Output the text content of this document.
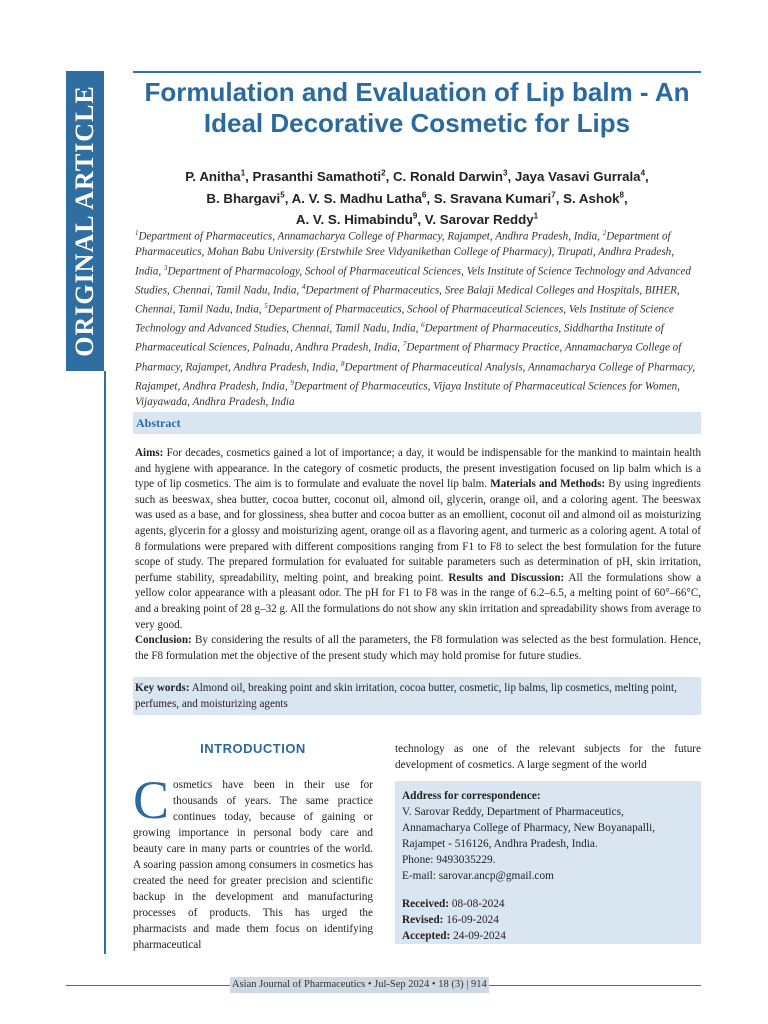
ORIGINAL ARTICLE	Formulation and Evaluation of Lip balm - An Ideal Decorative Cosmetic for Lips
P. Anitha$^1$, Prasanthi Samathoti$^2$, C. Ronald Darwin$^3$, Jaya Vasavi Gurrala$^4$,
B. Bhargavi$^5$, A. V. S. Madhu Latha$^6$, S. Sravana Kumari$^7$, S. Ashok$^8$,
A. V. S. Himabindu$^9$, V. Sarovar Reddy$^1$
$^1$Department of Pharmaceutics, Annamacharya College of Pharmacy, Rajampet, Andhra Pradesh, India, $^2$Department of Pharmaceutics, Mohan Babu University (Erstwhile Sree Vidyanikethan College of Pharmacy), Tirupati, Andhra Pradesh, India, $^3$Department of Pharmacology, School of Pharmaceutical Sciences, Vels Institute of Science Technology and Advanced Studies, Chennai, Tamil Nadu, India, $^4$Department of Pharmaceutics, Sree Balaji Medical Colleges and Hospitals, BIHER, Chennai, Tamil Nadu, India, $^5$Department of Pharmaceutics, School of Pharmaceutical Sciences, Vels Institute of Science Technology and Advanced Studies, Chennai, Tamil Nadu, India, $^6$Department of Pharmaceutics, Siddhartha Institute of Pharmaceutical Sciences, Palnadu, Andhra Pradesh, India, $^7$Department of Pharmacy Practice, Annamacharya College of Pharmacy, Rajampet, Andhra Pradesh, India, $^8$Department of Pharmaceutical Analysis, Annamacharya College of Pharmacy, Rajampet, Andhra Pradesh, India, $^9$Department of Pharmaceutics, Vijaya Institute of Pharmaceutical Sciences for Women, Vijayawada, Andhra Pradesh, India
Abstract
Aims: For decades, cosmetics gained a lot of importance; a day, it would be indispensable for the mankind to maintain health and hygiene with appearance. In the category of cosmetic products, the present investigation focused on lip balm which is a type of lip cosmetics. The aim is to formulate and evaluate the novel lip balm. Materials and Methods: By using ingredients such as beeswax, shea butter, cocoa butter, coconut oil, almond oil, glycerin, orange oil, and a coloring agent. The beeswax was used as a base, and for glossiness, shea butter and cocoa butter as an emollient, coconut oil and almond oil as moisturizing agents, glycerin for a glossy and moisturizing agent, orange oil as a flavoring agent, and turmeric as a coloring agent. A total of 8 formulations were prepared with different compositions ranging from F1 to F8 to select the best formulation for the future scope of study. The prepared formulation for evaluated for suitable parameters such as determination of pH, skin irritation, perfume stability, spreadability, melting point, and breaking point. Results and Discussion: All the formulations show a yellow color appearance with a pleasant odor. The pH for F1 to F8 was in the range of 6.2–6.5, a melting point of 60°–66°C, and a breaking point of 28 g–32 g. All the formulations do not show any skin irritation and spreadability shows from average to very good.
Conclusion: By considering the results of all the parameters, the F8 formulation was selected as the best formulation. Hence, the F8 formulation met the objective of the present study which may hold promise for future studies.

Key words: Almond oil, breaking point and skin irritation, cocoa butter, cosmetic, lip balms, lip cosmetics, melting point, perfumes, and moisturizing agents

INTRODUCTION
Cosmetics have been in their use for thousands of years. The same practice continues today, because of gaining or growing importance in personal body care and beauty care in many parts or countries of the world. A soaring passion among consumers in cosmetics has created the need for greater precision and scientific backup in the development and manufacturing processes of products. This has urged the pharmacists and made them focus on identifying pharmaceutical
technology as one of the relevant subjects for the future development of cosmetics. A large segment of the world
Address for correspondence:
V. Sarovar Reddy, Department of Pharmaceutics,
Annamacharya College of Pharmacy, New Boyanapalli,
Rajampet - 516126, Andhra Pradesh, India.
Phone: 9493035229.
E-mail: sarovar.ancp@gmail.com
Received: 08-08-2024
Revised: 16-09-2024
Accepted: 24-09-2024
Asian Journal of Pharmaceutics • Jul-Sep 2024 • 18 (3) | 914
